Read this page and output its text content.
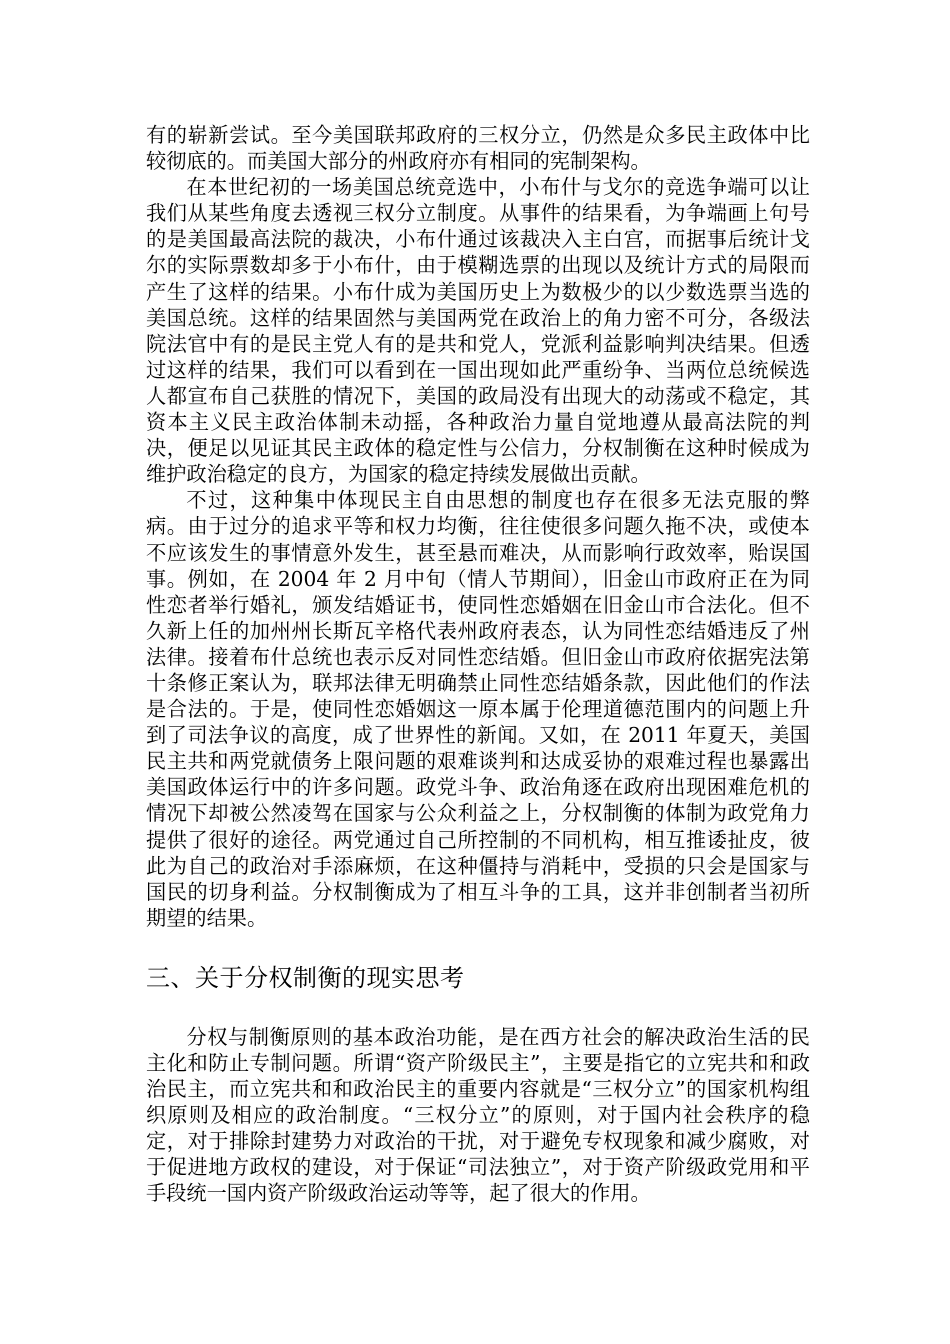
有的崭新尝试。至今美国联邦政府的三权分立，仍然是众多民主政体中比较彻底的。而美国大部分的州政府亦有相同的宪制架构。

在本世纪初的一场美国总统竞选中，小布什与戈尔的竞选争端可以让我们从某些角度去透视三权分立制度。从事件的结果看，为争端画上句号的是美国最高法院的裁决，小布什通过该裁决入主白宫，而据事后统计戈尔的实际票数却多于小布什，由于模糊选票的出现以及统计方式的局限而产生了这样的结果。小布什成为美国历史上为数极少的以少数选票当选的美国总统。这样的结果固然与美国两党在政治上的角力密不可分，各级法院法官中有的是民主党人有的是共和党人，党派利益影响判决结果。但透过这样的结果，我们可以看到在一国出现如此严重纷争、当两位总统候选人都宣布自己获胜的情况下，美国的政局没有出现大的动荡或不稳定，其资本主义民主政治体制未动摇，各种政治力量自觉地遵从最高法院的判决，便足以见证其民主政体的稳定性与公信力，分权制衡在这种时候成为维护政治稳定的良方，为国家的稳定持续发展做出贡献。

不过，这种集中体现民主自由思想的制度也存在很多无法克服的弊病。由于过分的追求平等和权力均衡，往往使很多问题久拖不决，或使本不应该发生的事情意外发生，甚至悬而难决，从而影响行政效率，贻误国事。例如，在 2004 年 2 月中旬（情人节期间），旧金山市政府正在为同性恋者举行婚礼，颁发结婚证书，使同性恋婚姻在旧金山市合法化。但不久新上任的加州州长斯瓦辛格代表州政府表态，认为同性恋结婚违反了州法律。接着布什总统也表示反对同性恋结婚。但旧金山市政府依据宪法第十条修正案认为，联邦法律无明确禁止同性恋结婚条款，因此他们的作法是合法的。于是，使同性恋婚姻这一原本属于伦理道德范围内的问题上升到了司法争议的高度，成了世界性的新闻。又如，在 2011 年夏天，美国民主共和两党就债务上限问题的艰难谈判和达成妥协的艰难过程也暴露出美国政体运行中的许多问题。政党斗争、政治角逐在政府出现困难危机的情况下却被公然凌驾在国家与公众利益之上，分权制衡的体制为政党角力提供了很好的途径。两党通过自己所控制的不同机构，相互推诿扯皮，彼此为自己的政治对手添麻烦，在这种僵持与消耗中，受损的只会是国家与国民的切身利益。分权制衡成为了相互斗争的工具，这并非创制者当初所期望的结果。

三、关于分权制衡的现实思考

分权与制衡原则的基本政治功能，是在西方社会的解决政治生活的民主化和防止专制问题。所谓“资产阶级民主”，主要是指它的立宪共和和政治民主，而立宪共和和政治民主的重要内容就是“三权分立”的国家机构组织原则及相应的政治制度。“三权分立”的原则，对于国内社会秩序的稳定，对于排除封建势力对政治的干扰，对于避免专权现象和减少腐败，对于促进地方政权的建设，对于保证“司法独立”，对于资产阶级政党用和平手段统一国内资产阶级政治运动等等，起了很大的作用。
